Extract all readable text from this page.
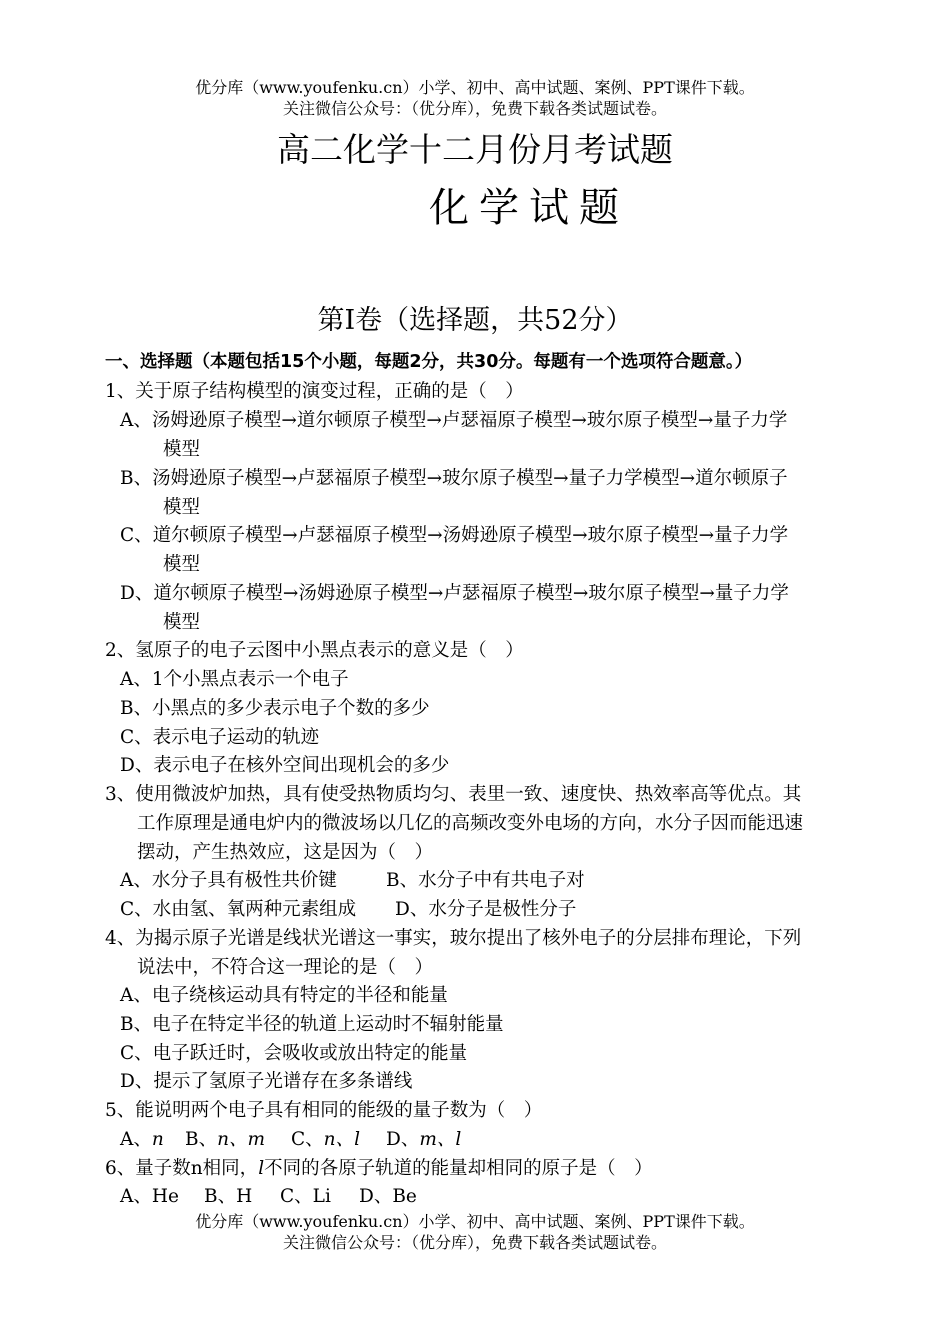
优分库（www.youfenku.cn）小学、初中、高中试题、案例、PPT课件下载。
关注微信公众号：（优分库），免费下载各类试题试卷。
高二化学十二月份月考试题
化学试题
第Ⅰ卷（选择题，共52分）
一、选择题（本题包括15个小题，每题2分，共30分。每题有一个选项符合题意。）
1、关于原子结构模型的演变过程，正确的是（　）
A、汤姆逊原子模型→道尔顿原子模型→卢瑟福原子模型→玻尔原子模型→量子力学
模型
B、汤姆逊原子模型→卢瑟福原子模型→玻尔原子模型→量子力学模型→道尔顿原子
模型
C、道尔顿原子模型→卢瑟福原子模型→汤姆逊原子模型→玻尔原子模型→量子力学
模型
D、道尔顿原子模型→汤姆逊原子模型→卢瑟福原子模型→玻尔原子模型→量子力学
模型
2、氢原子的电子云图中小黑点表示的意义是（　）
A、1个小黑点表示一个电子
B、小黑点的多少表示电子个数的多少
C、表示电子运动的轨迹
D、表示电子在核外空间出现机会的多少
3、使用微波炉加热，具有使受热物质均匀、表里一致、速度快、热效率高等优点。其
工作原理是通电炉内的微波场以几亿的高频改变外电场的方向，水分子因而能迅速
摆动，产生热效应，这是因为（　）
A、水分子具有极性共价键	B、水分子中有共电子对
C、水由氢、氧两种元素组成 D、水分子是极性分子
4、为揭示原子光谱是线状光谱这一事实，玻尔提出了核外电子的分层排布理论，下列
说法中，不符合这一理论的是（　）
A、电子绕核运动具有特定的半径和能量
B、电子在特定半径的轨道上运动时不辐射能量
C、电子跃迁时，会吸收或放出特定的能量
D、提示了氢原子光谱存在多条谱线
5、能说明两个电子具有相同的能级的量子数为（　）
A、n B、n、m C、n、l D、m、l
6、量子数n相同，l不同的各原子轨道的能量却相同的原子是（　）
A、He B、H C、Li D、Be
优分库（www.youfenku.cn）小学、初中、高中试题、案例、PPT课件下载。
关注微信公众号：（优分库），免费下载各类试题试卷。
